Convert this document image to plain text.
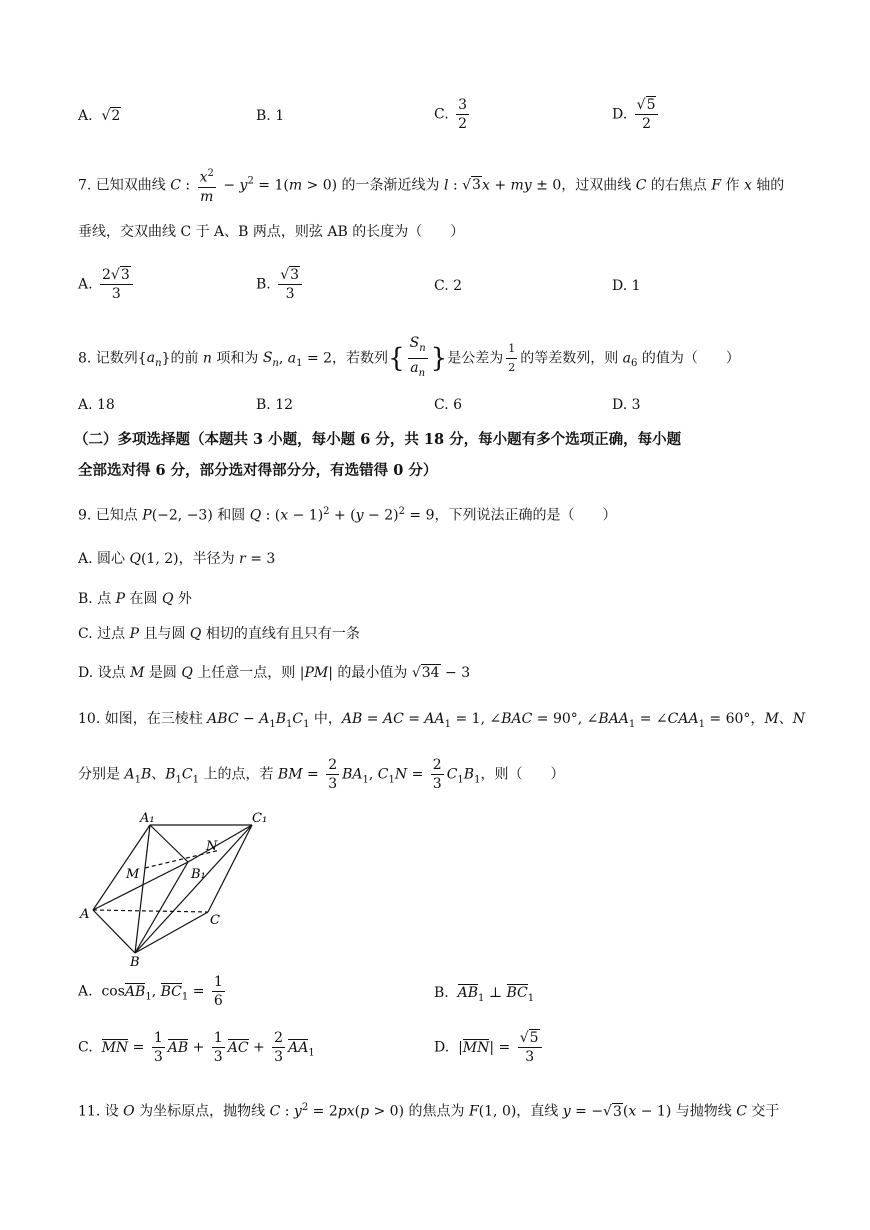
A.  √2	B. 1	C. $\frac{3}{2}$	D. $\frac{√5}{2}$
7. 已知双曲线 C : $\frac{x^2}{m} - y^2 = 1(m > 0)$ 的一条渐近线为 l : √3x + my ± 0，过双曲线 C 的右焦点 F 作 x 轴的
垂线，交双曲线 C 于 A、B 两点，则弦 AB 的长度为（　　）
A. $\frac{2√3}{3}$	B. $\frac{√3}{3}$	C. 2	D. 1
8. 记数列$\{a_n\}$的前 n 项和为 $S_n$, $a_1 = 2$，若数列{ $\frac{S_n}{a_n}$ }是公差为 $\frac{1}{2}$ 的等差数列，则 $a_6$ 的值为（　　）
A. 18	B. 12	C. 6	D. 3
（二）多项选择题（本题共 3 小题，每小题 6 分，共 18 分，每小题有多个选项正确，每小题
全部选对得 6 分，部分选对得部分分，有选错得 0 分）
9. 已知点 P(−2, −3) 和圆 Q : $(x - 1)^2 + (y - 2)^2 = 9$，下列说法正确的是（　　）
A. 圆心 Q(1, 2)，半径为 r = 3
B. 点 P 在圆 Q 外
C. 过点 P 且与圆 Q 相切的直线有且只有一条
D. 设点 M 是圆 Q 上任意一点，则 |PM| 的最小值为 √34 − 3
10. 如图，在三棱柱 ABC − $A_1B_1C_1$ 中，AB = AC = $AA_1 = 1$, ∠BAC = 90°, $\angle BAA_1$ = $\angle CAA_1 = 60^\circ$，M、N
分别是 $A_1B$、$B_1C_1$ 上的点，若 BM = $\frac{2}{3} BA_1$, $C_1N = \frac{2}{3} C_1B_1$，则（　　）
A₁	C₁
N
M	B₁
A	C
B
A.  cosAB$_1$, $BC_1 = \frac{1}{6}$	B.  $AB_1$ ⊥ $BC_1$
C.  MN = $\frac{1}{3}$ AB + $\frac{1}{3}$ AC + $\frac{2}{3} AA_1$	D.  $|MN| = \frac{√5}{3}$
11. 设 O 为坐标原点，抛物线 C : $y^2 = 2px(p > 0)$ 的焦点为 F(1, 0)，直线 y = −√3(x − 1) 与抛物线 C 交于
